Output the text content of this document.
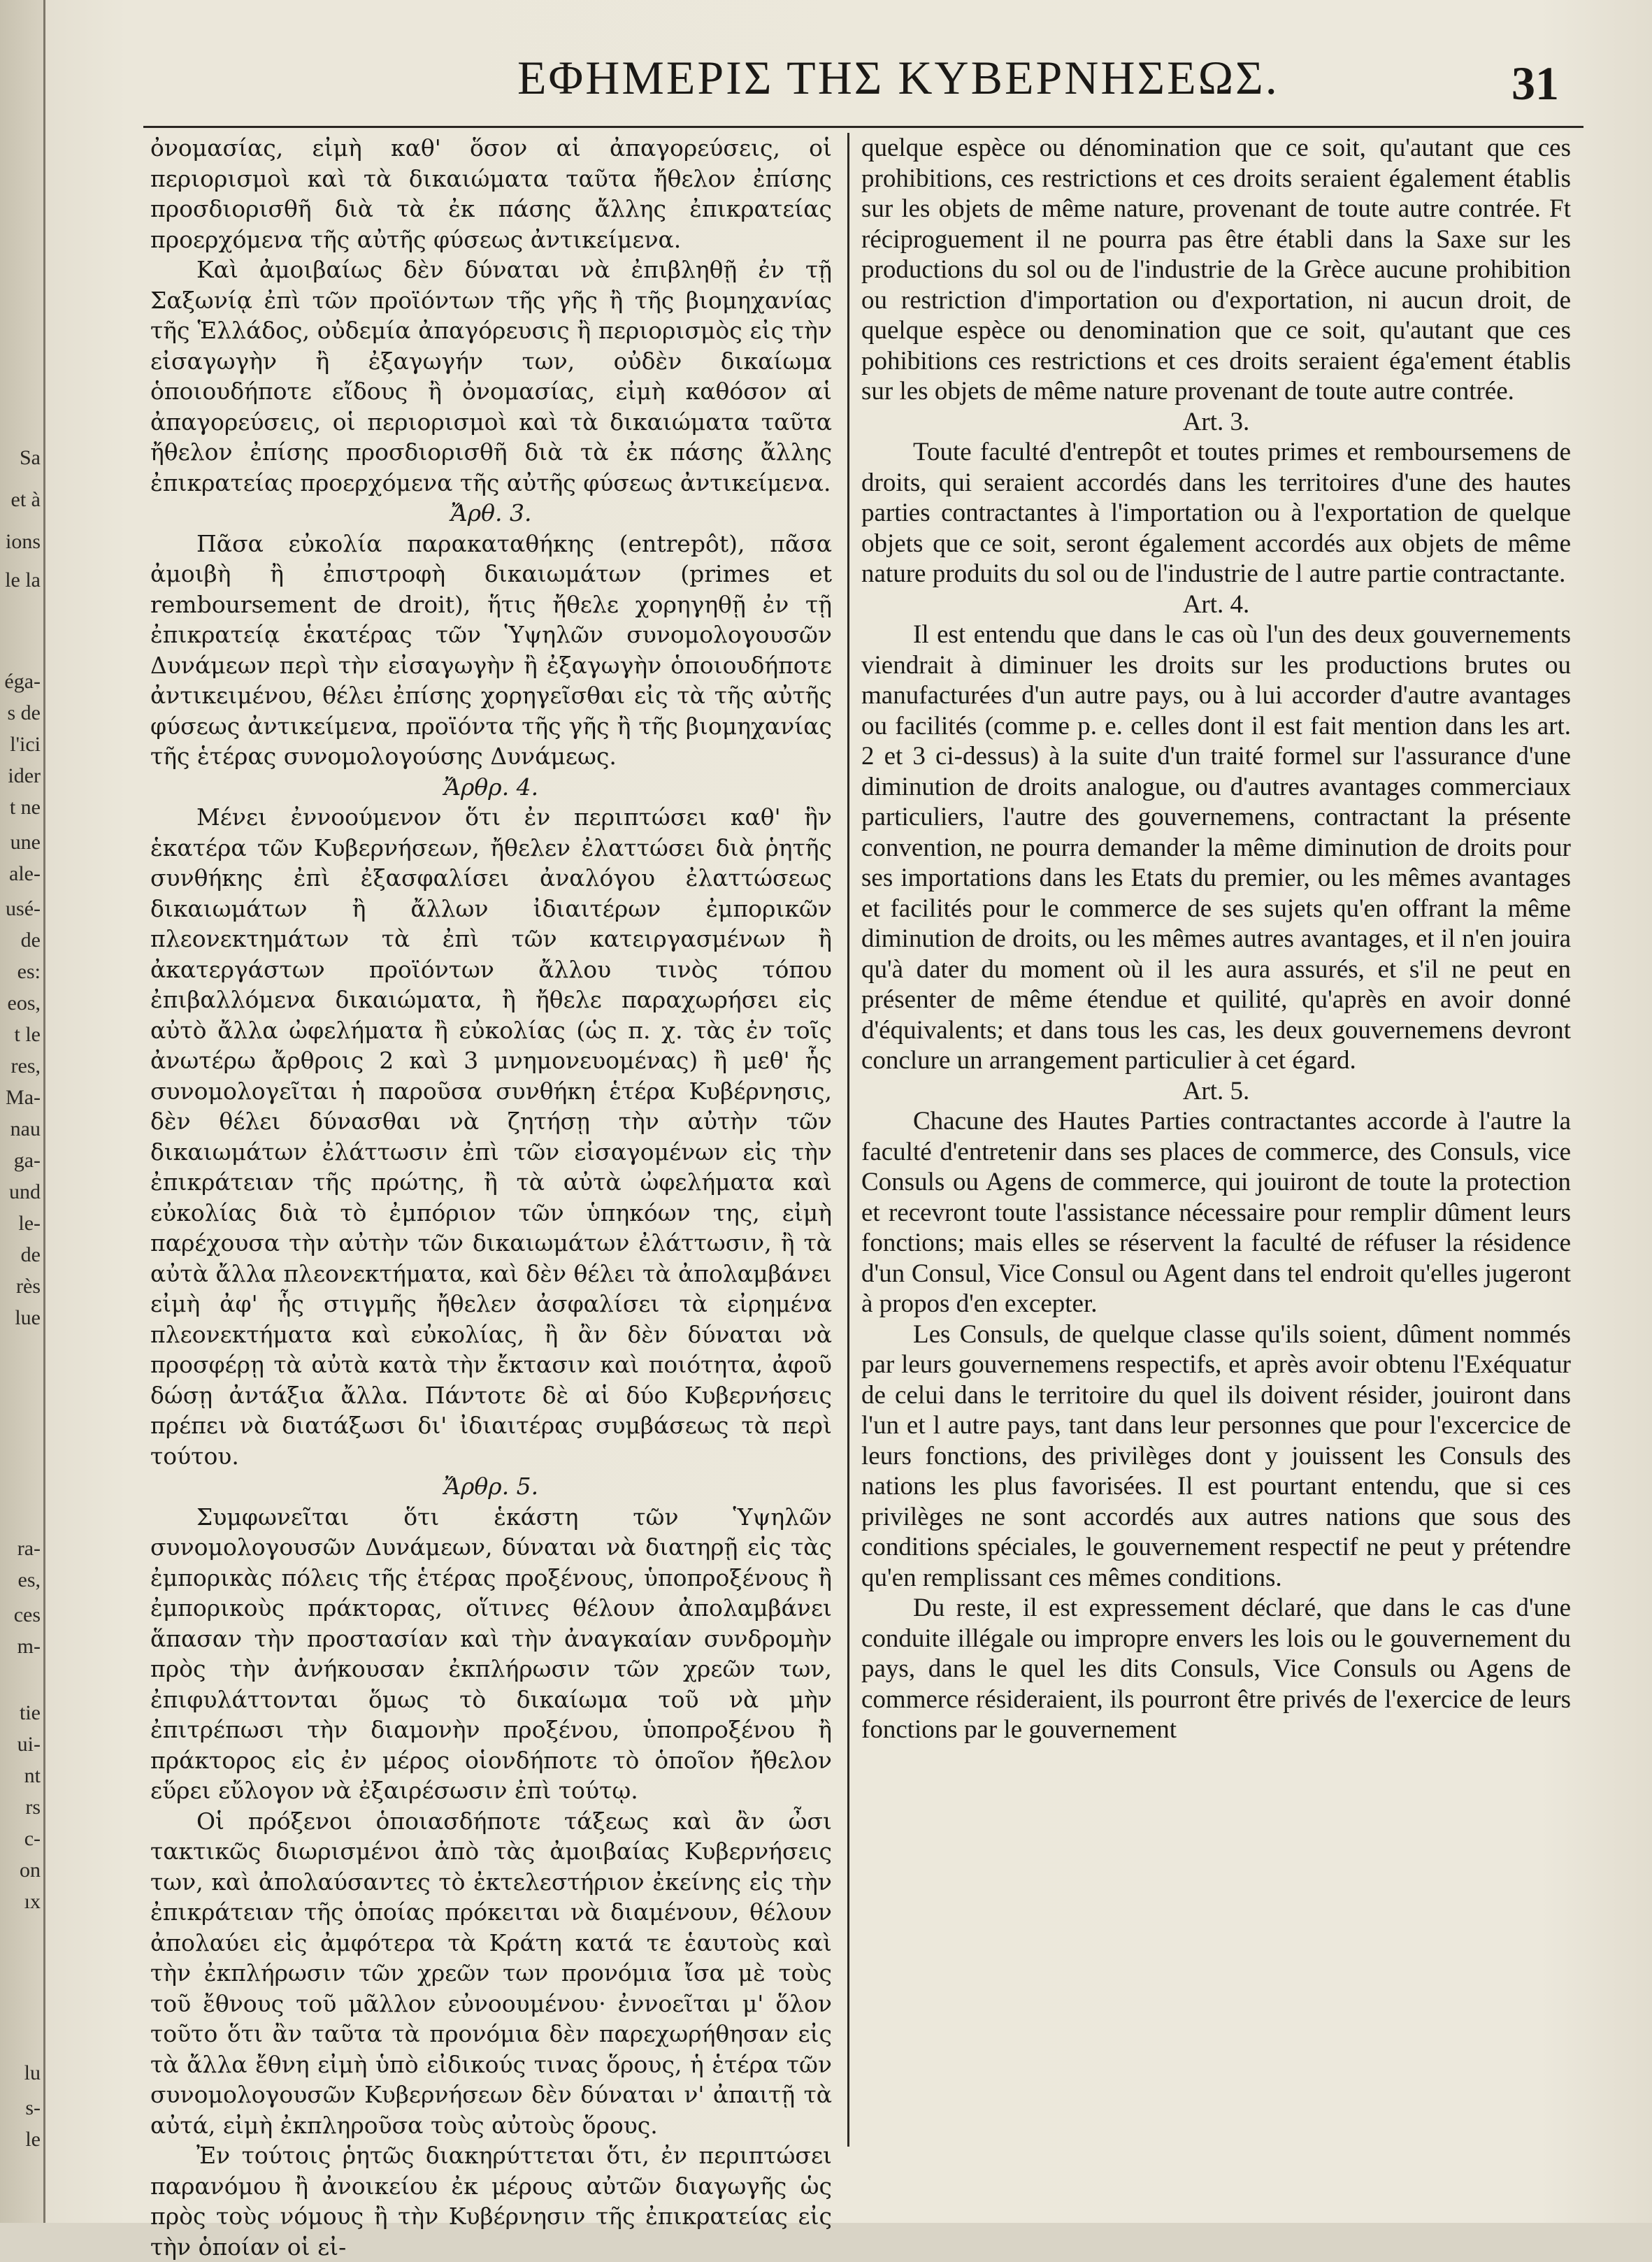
Sa
et à
ions
le la
éga-
s de
l'ici
ider
t ne
une
ale-
usé-
de
es:
eos,
t le
res,
Ma-
nau
ga-
und
le-
de
rès
lue
ra-
es,
ces
m-
tie
ui-
nt
rs
c-
on
ıx
lu
s-
le
ΕΦΗΜΕΡΙΣ ΤΗΣ ΚΥΒΕΡΝΗΣΕΩΣ.	31

ὀνομασίας, εἰμὴ καθ' ὅσον αἱ ἀπαγορεύσεις, οἱ περιορισμοὶ καὶ τὰ δικαιώματα ταῦτα ἤθελον ἐπίσης προσδιορισθῆ διὰ τὰ ἐκ πάσης ἄλλης ἐπικρατείας προερχόμενα τῆς αὐτῆς φύσεως ἀντικείμενα.

Καὶ ἀμοιβαίως δὲν δύναται νὰ ἐπιβληθῇ ἐν τῇ Σαξωνίᾳ ἐπὶ τῶν προϊόντων τῆς γῆς ἢ τῆς βιομηχανίας τῆς Ἑλλάδος, οὐδεμία ἀπαγόρευσις ἢ περιορισμὸς εἰς τὴν εἰσαγωγὴν ἢ ἐξαγωγήν των, οὐδὲν δικαίωμα ὁποιουδήποτε εἴδους ἢ ὀνομασίας, εἰμὴ καθόσον αἱ ἀπαγορεύσεις, οἱ περιορισμοὶ καὶ τὰ δικαιώματα ταῦτα ἤθελον ἐπίσης προσδιορισθῆ διὰ τὰ ἐκ πάσης ἄλλης ἐπικρατείας προερχόμενα τῆς αὐτῆς φύσεως ἀντικείμενα.

Ἄρθ. 3.

Πᾶσα εὐκολία παρακαταθήκης (entrepôt), πᾶσα ἀμοιβὴ ἢ ἐπιστροφὴ δικαιωμάτων (primes et remboursement de droit), ἥτις ἤθελε χορηγηθῇ ἐν τῇ ἐπικρατείᾳ ἑκατέρας τῶν Ὑψηλῶν συνομολογουσῶν Δυνάμεων περὶ τὴν εἰσαγωγὴν ἢ ἐξαγωγὴν ὁποιουδήποτε ἀντικειμένου, θέλει ἐπίσης χορηγεῖσθαι εἰς τὰ τῆς αὐτῆς φύσεως ἀντικείμενα, προϊόντα τῆς γῆς ἢ τῆς βιομηχανίας τῆς ἑτέρας συνομολογούσης Δυνάμεως.

Ἄρθρ. 4.

Μένει ἐννοούμενον ὅτι ἐν περιπτώσει καθ' ἣν ἑκατέρα τῶν Κυβερνήσεων, ἤθελεν ἐλαττώσει διὰ ῥητῆς συνθήκης ἐπὶ ἐξασφαλίσει ἀναλόγου ἐλαττώσεως δικαιωμάτων ἢ ἄλλων ἰδιαιτέρων ἐμπορικῶν πλεονεκτημάτων τὰ ἐπὶ τῶν κατειργασμένων ἢ ἀκατεργάστων προϊόντων ἄλλου τινὸς τόπου ἐπιβαλλόμενα δικαιώματα, ἢ ἤθελε παραχωρήσει εἰς αὐτὸ ἄλλα ὠφελήματα ἢ εὐκολίας (ὡς π. χ. τὰς ἐν τοῖς ἀνωτέρω ἄρθροις 2 καὶ 3 μνημονευομένας) ἢ μεθ' ἧς συνομολογεῖται ἡ παροῦσα συνθήκη ἑτέρα Κυβέρνησις, δὲν θέλει δύνασθαι νὰ ζητήσῃ τὴν αὐτὴν τῶν δικαιωμάτων ἐλάττωσιν ἐπὶ τῶν εἰσαγομένων εἰς τὴν ἐπικράτειαν τῆς πρώτης, ἢ τὰ αὐτὰ ὠφελήματα καὶ εὐκολίας διὰ τὸ ἐμπόριον τῶν ὑπηκόων της, εἰμὴ παρέχουσα τὴν αὐτὴν τῶν δικαιωμάτων ἐλάττωσιν, ἢ τὰ αὐτὰ ἄλλα πλεονεκτήματα, καὶ δὲν θέλει τὰ ἀπολαμβάνει εἰμὴ ἀφ' ἧς στιγμῆς ἤθελεν ἀσφαλίσει τὰ εἰρημένα πλεονεκτήματα καὶ εὐκολίας, ἢ ἂν δὲν δύναται νὰ προσφέρῃ τὰ αὐτὰ κατὰ τὴν ἔκτασιν καὶ ποιότητα, ἀφοῦ δώσῃ ἀντάξια ἄλλα. Πάντοτε δὲ αἱ δύο Κυβερνήσεις πρέπει νὰ διατάξωσι δι' ἰδιαιτέρας συμβάσεως τὰ περὶ τούτου.

Ἄρθρ. 5.

Συμφωνεῖται ὅτι ἑκάστη τῶν Ὑψηλῶν συνομολογουσῶν Δυνάμεων, δύναται νὰ διατηρῇ εἰς τὰς ἐμπορικὰς πόλεις τῆς ἑτέρας προξένους, ὑποπροξένους ἢ ἐμπορικοὺς πράκτορας, οἵτινες θέλουν ἀπολαμβάνει ἅπασαν τὴν προστασίαν καὶ τὴν ἀναγκαίαν συνδρομὴν πρὸς τὴν ἀνήκουσαν ἐκπλήρωσιν τῶν χρεῶν των, ἐπιφυλάττονται ὅμως τὸ δικαίωμα τοῦ νὰ μὴν ἐπιτρέπωσι τὴν διαμονὴν προξένου, ὑποπροξένου ἢ πράκτορος εἰς ἐν μέρος οἱονδήποτε τὸ ὁποῖον ἤθελον εὕρει εὔλογον νὰ ἐξαιρέσωσιν ἐπὶ τούτῳ.

Οἱ πρόξενοι ὁποιασδήποτε τάξεως καὶ ἂν ὦσι τακτικῶς διωρισμένοι ἀπὸ τὰς ἀμοιβαίας Κυβερνήσεις των, καὶ ἀπολαύσαντες τὸ ἐκτελεστήριον ἐκείνης εἰς τὴν ἐπικράτειαν τῆς ὁποίας πρόκειται νὰ διαμένουν, θέλουν ἀπολαύει εἰς ἀμφότερα τὰ Κράτη κατά τε ἑαυτοὺς καὶ τὴν ἐκπλήρωσιν τῶν χρεῶν των προνόμια ἴσα μὲ τοὺς τοῦ ἔθνους τοῦ μᾶλλον εὐνοουμένου· ἐννοεῖται μ' ὅλον τοῦτο ὅτι ἂν ταῦτα τὰ προνόμια δὲν παρεχωρήθησαν εἰς τὰ ἄλλα ἔθνη εἰμὴ ὑπὸ εἰδικούς τινας ὅρους, ἡ ἑτέρα τῶν συνομολογουσῶν Κυβερνήσεων δὲν δύναται ν' ἀπαιτῇ τὰ αὐτά, εἰμὴ ἐκπληροῦσα τοὺς αὐτοὺς ὅρους.

Ἐν τούτοις ῥητῶς διακηρύττεται ὅτι, ἐν περιπτώσει παρανόμου ἢ ἀνοικείου ἐκ μέρους αὐτῶν διαγωγῆς ὡς πρὸς τοὺς νόμους ἢ τὴν Κυβέρνησιν τῆς ἐπικρατείας εἰς τὴν ὁποίαν οἱ εἰ-

quelque espèce ou dénomination que ce soit, qu'autant que ces prohibitions, ces restrictions et ces droits seraient également établis sur les objets de même nature, provenant de toute autre contrée. Ft réciproguement il ne pourra pas être établi dans la Saxe sur les productions du sol ou de l'industrie de la Grèce aucune prohibition ou restriction d'importation ou d'exportation, ni aucun droit, de quelque espèce ou denomination que ce soit, qu'autant que ces pohibitions ces restrictions et ces droits seraient éga'ement établis sur les objets de même nature provenant de toute autre contrée.

Art. 3.

Toute faculté d'entrepôt et toutes primes et remboursemens de droits, qui seraient accordés dans les territoires d'une des hautes parties contractantes à l'importation ou à l'exportation de quelque objets que ce soit, seront également accordés aux objets de même nature produits du sol ou de l'industrie de l autre partie contractante.

Art. 4.

Il est entendu que dans le cas où l'un des deux gouvernements viendrait à diminuer les droits sur les productions brutes ou manufacturées d'un autre pays, ou à lui accorder d'autre avantages ou facilités (comme p. e. celles dont il est fait mention dans les art. 2 et 3 ci-dessus) à la suite d'un traité formel sur l'assurance d'une diminution de droits analogue, ou d'autres avantages commerciaux particuliers, l'autre des gouvernemens, contractant la présente convention, ne pourra demander la même diminution de droits pour ses importations dans les Etats du premier, ou les mêmes avantages et facilités pour le commerce de ses sujets qu'en offrant la même diminution de droits, ou les mêmes autres avantages, et il n'en jouira qu'à dater du moment où il les aura assurés, et s'il ne peut en présenter de même étendue et quilité, qu'après en avoir donné d'équivalents; et dans tous les cas, les deux gouvernemens devront conclure un arrangement particulier à cet égard.

Art. 5.

Chacune des Hautes Parties contractantes accorde à l'autre la faculté d'entretenir dans ses places de commerce, des Consuls, vice Consuls ou Agens de commerce, qui jouiront de toute la protection et recevront toute l'assistance nécessaire pour remplir dûment leurs fonctions; mais elles se réservent la faculté de réfuser la résidence d'un Consul, Vice Consul ou Agent dans tel endroit qu'elles jugeront à propos d'en excepter.

Les Consuls, de quelque classe qu'ils soient, dûment nommés par leurs gouvernemens respectifs, et après avoir obtenu l'Exéquatur de celui dans le territoire du quel ils doivent résider, jouiront dans l'un et l autre pays, tant dans leur personnes que pour l'excercice de leurs fonctions, des privilèges dont y jouissent les Consuls des nations les plus favorisées. Il est pourtant entendu, que si ces privilèges ne sont accordés aux autres nations que sous des conditions spéciales, le gouvernement respectif ne peut y prétendre qu'en remplissant ces mêmes conditions.

Du reste, il est expressement déclaré, que dans le cas d'une conduite illégale ou impropre envers les lois ou le gouvernement du pays, dans le quel les dits Consuls, Vice Consuls ou Agens de commerce résideraient, ils pourront être privés de l'exercice de leurs fonctions par le gouvernement
